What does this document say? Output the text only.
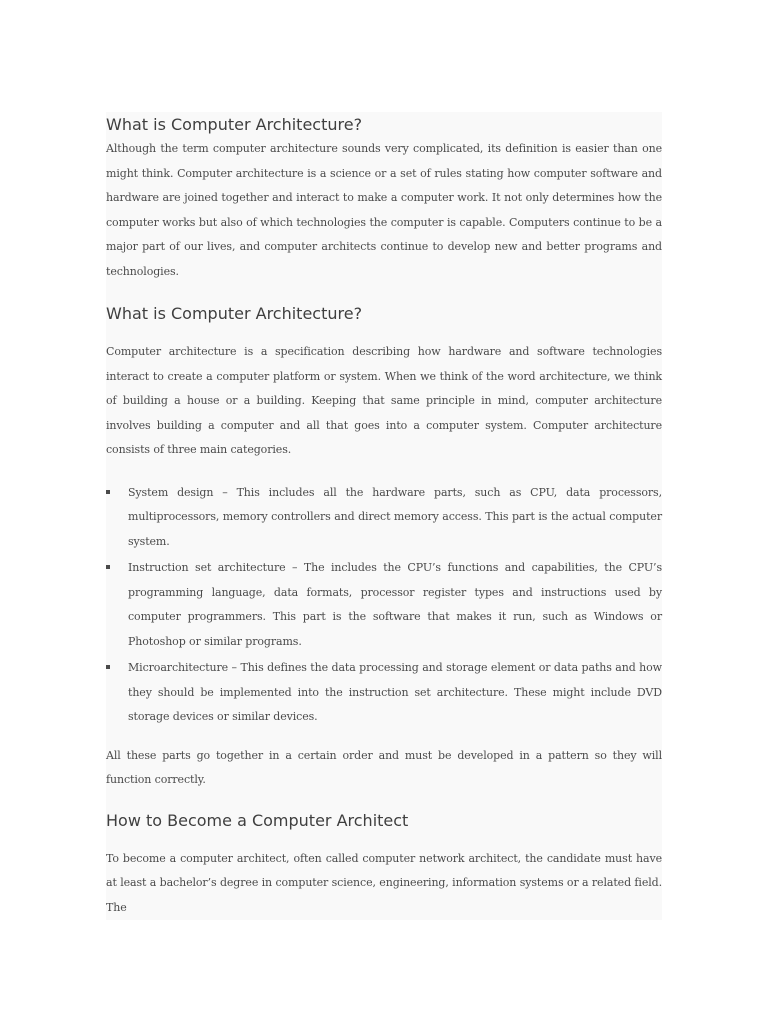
What is Computer Architecture?

Although the term computer architecture sounds very complicated, its definition is easier than one might think. Computer architecture is a science or a set of rules stating how computer software and hardware are joined together and interact to make a computer work. It not only determines how the computer works but also of which technologies the computer is capable. Computers continue to be a major part of our lives, and computer architects continue to develop new and better programs and technologies.

What is Computer Architecture?

Computer architecture is a specification describing how hardware and software technologies interact to create a computer platform or system. When we think of the word architecture, we think of building a house or a building. Keeping that same principle in mind, computer architecture involves building a computer and all that goes into a computer system. Computer architecture consists of three main categories.

System design – This includes all the hardware parts, such as CPU, data processors, multiprocessors, memory controllers and direct memory access. This part is the actual computer system.
Instruction set architecture – The includes the CPU’s functions and capabilities, the CPU’s programming language, data formats, processor register types and instructions used by computer programmers. This part is the software that makes it run, such as Windows or Photoshop or similar programs.
Microarchitecture – This defines the data processing and storage element or data paths and how they should be implemented into the instruction set architecture. These might include DVD storage devices or similar devices.

All these parts go together in a certain order and must be developed in a pattern so they will function correctly.

How to Become a Computer Architect

To become a computer architect, often called computer network architect, the candidate must have at least a bachelor’s degree in computer science, engineering, information systems or a related field. The
